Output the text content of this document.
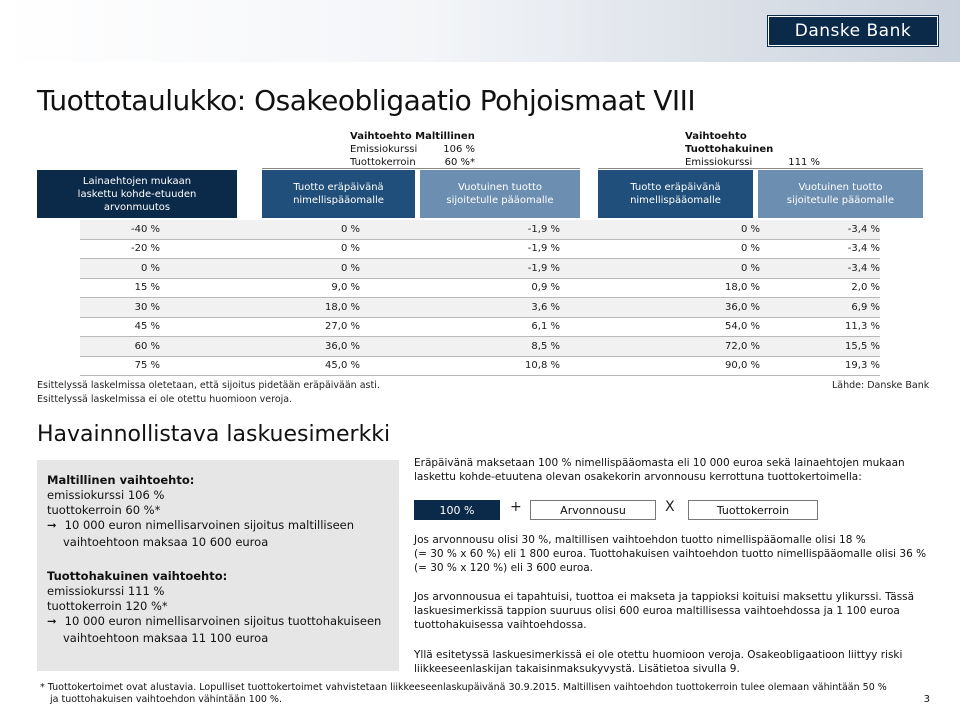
Danske Bank
Tuottotaulukko: Osakeobligaatio Pohjoismaat VIII
Vaihtoehto Maltillinen
Emissiokurssi	106 %
Tuottokerroin	60 %*
Vaihtoehto Tuottohakuinen
Emissiokurssi	111 %
Lainaehtojen mukaan laskettu kohde-etuuden arvonmuutos
Tuotto eräpäivänä nimellispääomalle
Vuotuinen tuotto sijoitetulle pääomalle
Tuotto eräpäivänä nimellispääomalle
Vuotuinen tuotto sijoitetulle pääomalle
-40 %	0 %	-1,9 %	0 %	-3,4 %
-20 %	0 %	-1,9 %	0 %	-3,4 %
0 %	0 %	-1,9 %	0 %	-3,4 %
15 %	9,0 %	0,9 %	18,0 %	2,0 %
30 %	18,0 %	3,6 %	36,0 %	6,9 %
45 %	27,0 %	6,1 %	54,0 %	11,3 %
60 %	36,0 %	8,5 %	72,0 %	15,5 %
75 %	45,0 %	10,8 %	90,0 %	19,3 %
Esittelyssä laskelmissa oletetaan, että sijoitus pidetään eräpäivään asti.
Esittelyssä laskelmissa ei ole otettu huomioon veroja.
Lähde: Danske Bank
Havainnollistava laskuesimerkki
Maltillinen vaihtoehto:
emissiokurssi 106 %
tuottokerroin 60 %*
➞ 10 000 euron nimellisarvoinen sijoitus maltilliseen
vaihtoehtoon maksaa 10 600 euroa
Tuottohakuinen vaihtoehto:
emissiokurssi 111 %
tuottokerroin 120 %*
➞ 10 000 euron nimellisarvoinen sijoitus tuottohakuiseen
vaihtoehtoon maksaa 11 100 euroa
Eräpäivänä maksetaan 100 % nimellispääomasta eli 10 000 euroa sekä lainaehtojen mukaan
laskettu kohde-etuutena olevan osakekorin arvonnousu kerrottuna tuottokertoimella:
100 %	+	Arvonnousu	X	Tuottokerroin
Jos arvonnousu olisi 30 %, maltillisen vaihtoehdon tuotto nimellispääomalle olisi 18 %
(= 30 % x 60 %) eli 1 800 euroa. Tuottohakuisen vaihtoehdon tuotto nimellispääomalle olisi 36 %
(= 30 % x 120 %) eli 3 600 euroa.
Jos arvonnousua ei tapahtuisi, tuottoa ei makseta ja tappioksi koituisi maksettu ylikurssi. Tässä
laskuesimerkissä tappion suuruus olisi 600 euroa maltillisessa vaihtoehdossa ja 1 100 euroa
tuottohakuisessa vaihtoehdossa.
Yllä esitetyssä laskuesimerkissä ei ole otettu huomioon veroja. Osakeobligaatioon liittyy riski
liikkeeseenlaskijan takaisinmaksukyvystä. Lisätietoa sivulla 9.
* Tuottokertoimet ovat alustavia. Lopulliset tuottokertoimet vahvistetaan liikkeeseenlaskupäivänä 30.9.2015. Maltillisen vaihtoehdon tuottokerroin tulee olemaan vähintään 50 %
ja tuottohakuisen vaihtoehdon vähintään 100 %.	3
